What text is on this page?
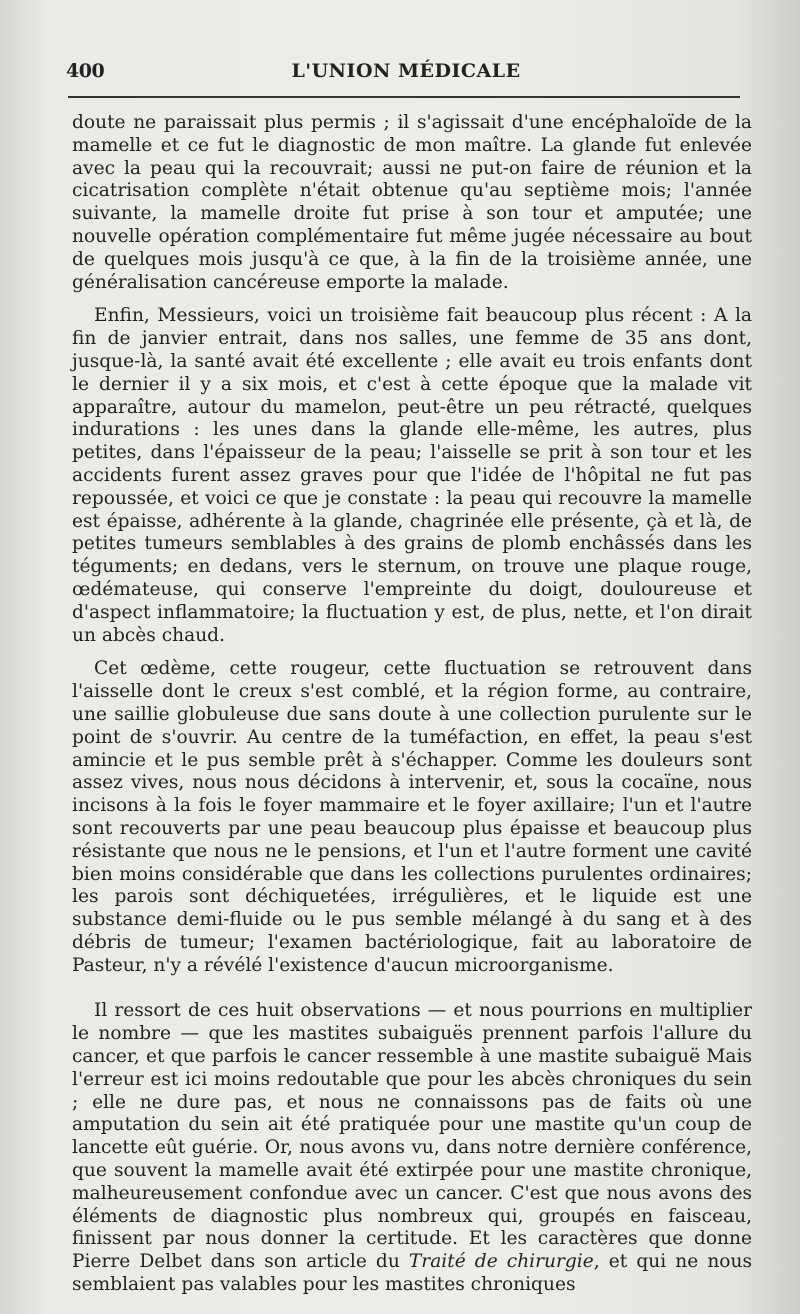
400	L'UNION MÉDICALE

doute ne paraissait plus permis ; il s'agissait d'une encéphaloïde de la mamelle et ce fut le diagnostic de mon maître. La glande fut enlevée avec la peau qui la recouvrait; aussi ne put-on faire de réunion et la cicatrisation complète n'était obtenue qu'au septième mois; l'année suivante, la mamelle droite fut prise à son tour et amputée; une nouvelle opération complémentaire fut même jugée nécessaire au bout de quelques mois jusqu'à ce que, à la fin de la troisième année, une généralisation cancéreuse emporte la malade.

Enfin, Messieurs, voici un troisième fait beaucoup plus récent : A la fin de janvier entrait, dans nos salles, une femme de 35 ans dont, jusque-là, la santé avait été excellente ; elle avait eu trois enfants dont le dernier il y a six mois, et c'est à cette époque que la malade vit apparaître, autour du mamelon, peut-être un peu rétracté, quelques indurations : les unes dans la glande elle-même, les autres, plus petites, dans l'épaisseur de la peau; l'aisselle se prit à son tour et les accidents furent assez graves pour que l'idée de l'hôpital ne fut pas repoussée, et voici ce que je constate : la peau qui recouvre la mamelle est épaisse, adhérente à la glande, chagrinée elle présente, çà et là, de petites tumeurs semblables à des grains de plomb enchâssés dans les téguments; en dedans, vers le sternum, on trouve une plaque rouge, œdémateuse, qui conserve l'empreinte du doigt, douloureuse et d'aspect inflammatoire; la fluctuation y est, de plus, nette, et l'on dirait un abcès chaud.

Cet œdème, cette rougeur, cette fluctuation se retrouvent dans l'aisselle dont le creux s'est comblé, et la région forme, au contraire, une saillie globuleuse due sans doute à une collection purulente sur le point de s'ouvrir. Au centre de la tuméfaction, en effet, la peau s'est amincie et le pus semble prêt à s'échapper. Comme les douleurs sont assez vives, nous nous décidons à intervenir, et, sous la cocaïne, nous incisons à la fois le foyer mammaire et le foyer axillaire; l'un et l'autre sont recouverts par une peau beaucoup plus épaisse et beaucoup plus résistante que nous ne le pensions, et l'un et l'autre forment une cavité bien moins considérable que dans les collections purulentes ordinaires; les parois sont déchiquetées, irrégulières, et le liquide est une substance demi-fluide ou le pus semble mélangé à du sang et à des débris de tumeur; l'examen bactériologique, fait au laboratoire de Pasteur, n'y a révélé l'existence d'aucun microorganisme.

Il ressort de ces huit observations — et nous pourrions en multiplier le nombre — que les mastites subaiguës prennent parfois l'allure du cancer, et que parfois le cancer ressemble à une mastite subaiguë Mais l'erreur est ici moins redoutable que pour les abcès chroniques du sein ; elle ne dure pas, et nous ne connaissons pas de faits où une amputation du sein ait été pratiquée pour une mastite qu'un coup de lancette eût guérie. Or, nous avons vu, dans notre dernière conférence, que souvent la mamelle avait été extirpée pour une mastite chronique, malheureusement confondue avec un cancer. C'est que nous avons des éléments de diagnostic plus nombreux qui, groupés en faisceau, finissent par nous donner la certitude. Et les caractères que donne Pierre Delbet dans son article du Traité de chirurgie, et qui ne nous semblaient pas valables pour les mastites chroniques
